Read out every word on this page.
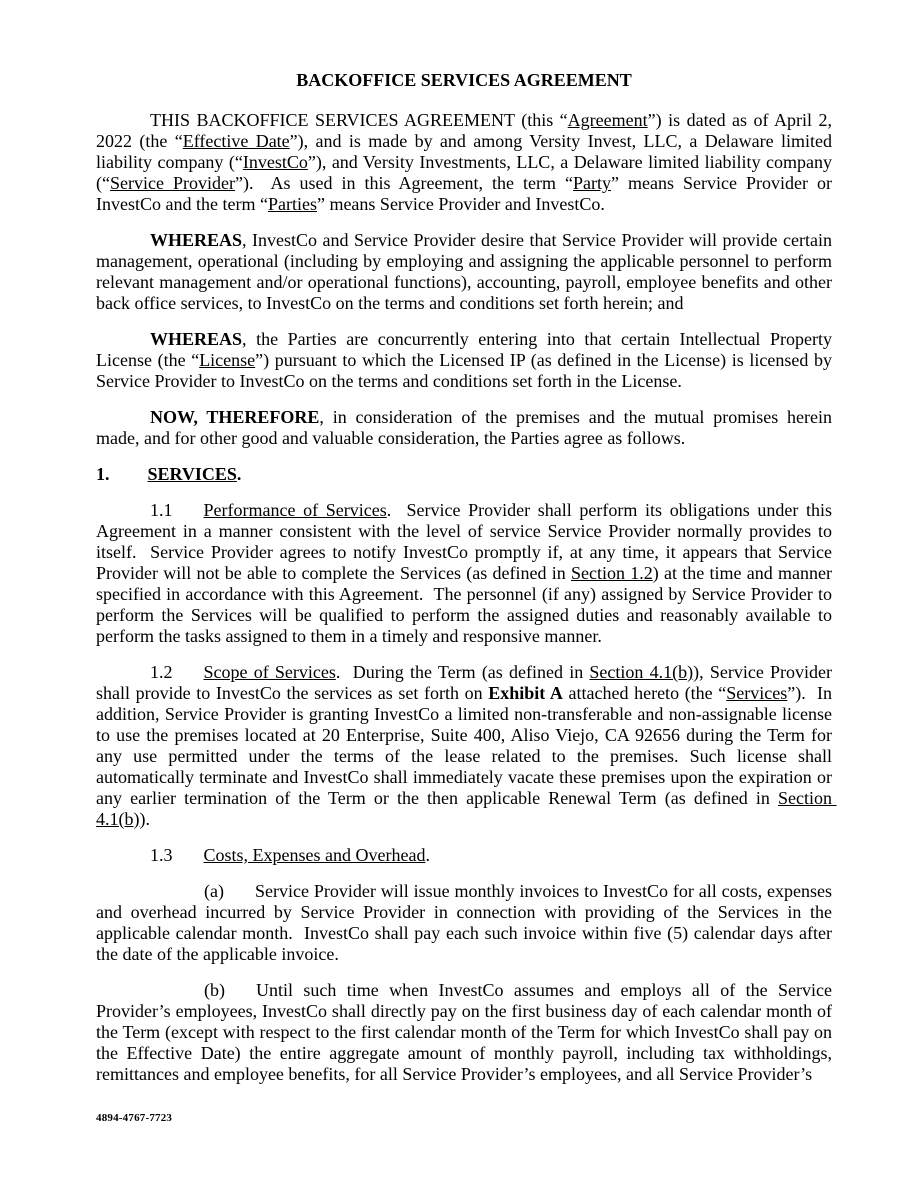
BACKOFFICE SERVICES AGREEMENT

THIS BACKOFFICE SERVICES AGREEMENT (this “Agreement”) is dated as of April 2, 2022 (the “Effective Date”), and is made by and among Versity Invest, LLC, a Delaware limited liability company (“InvestCo”), and Versity Investments, LLC, a Delaware limited liability company (“Service Provider”).  As used in this Agreement, the term “Party” means Service Provider or InvestCo and the term “Parties” means Service Provider and InvestCo.

WHEREAS, InvestCo and Service Provider desire that Service Provider will provide certain management, operational (including by employing and assigning the applicable personnel to perform relevant management and/or operational functions), accounting, payroll, employee benefits and other back office services, to InvestCo on the terms and conditions set forth herein; and

WHEREAS, the Parties are concurrently entering into that certain Intellectual Property License (the “License”) pursuant to which the Licensed IP (as defined in the License) is licensed by Service Provider to InvestCo on the terms and conditions set forth in the License.

NOW, THEREFORE, in consideration of the premises and the mutual promises herein made, and for other good and valuable consideration, the Parties agree as follows.

1. SERVICES.

1.1 Performance of Services.  Service Provider shall perform its obligations under this Agreement in a manner consistent with the level of service Service Provider normally provides to itself.  Service Provider agrees to notify InvestCo promptly if, at any time, it appears that Service Provider will not be able to complete the Services (as defined in Section 1.2) at the time and manner specified in accordance with this Agreement.  The personnel (if any) assigned by Service Provider to perform the Services will be qualified to perform the assigned duties and reasonably available to perform the tasks assigned to them in a timely and responsive manner.

1.2 Scope of Services.  During the Term (as defined in Section 4.1(b)), Service Provider shall provide to InvestCo the services as set forth on Exhibit A attached hereto (the “Services”).  In addition, Service Provider is granting InvestCo a limited non-transferable and non-assignable license to use the premises located at 20 Enterprise, Suite 400, Aliso Viejo, CA 92656 during the Term for any use permitted under the terms of the lease related to the premises. Such license shall automatically terminate and InvestCo shall immediately vacate these premises upon the expiration or any earlier termination of the Term or the then applicable Renewal Term (as defined in Section 4.1(b)).

1.3 Costs, Expenses and Overhead.

(a) Service Provider will issue monthly invoices to InvestCo for all costs, expenses and overhead incurred by Service Provider in connection with providing of the Services in the applicable calendar month.  InvestCo shall pay each such invoice within five (5) calendar days after the date of the applicable invoice.

(b) Until such time when InvestCo assumes and employs all of the Service Provider’s employees, InvestCo shall directly pay on the first business day of each calendar month of the Term (except with respect to the first calendar month of the Term for which InvestCo shall pay on the Effective Date) the entire aggregate amount of monthly payroll, including tax withholdings, remittances and employee benefits, for all Service Provider’s employees, and all Service Provider’s

4894-4767-7723
